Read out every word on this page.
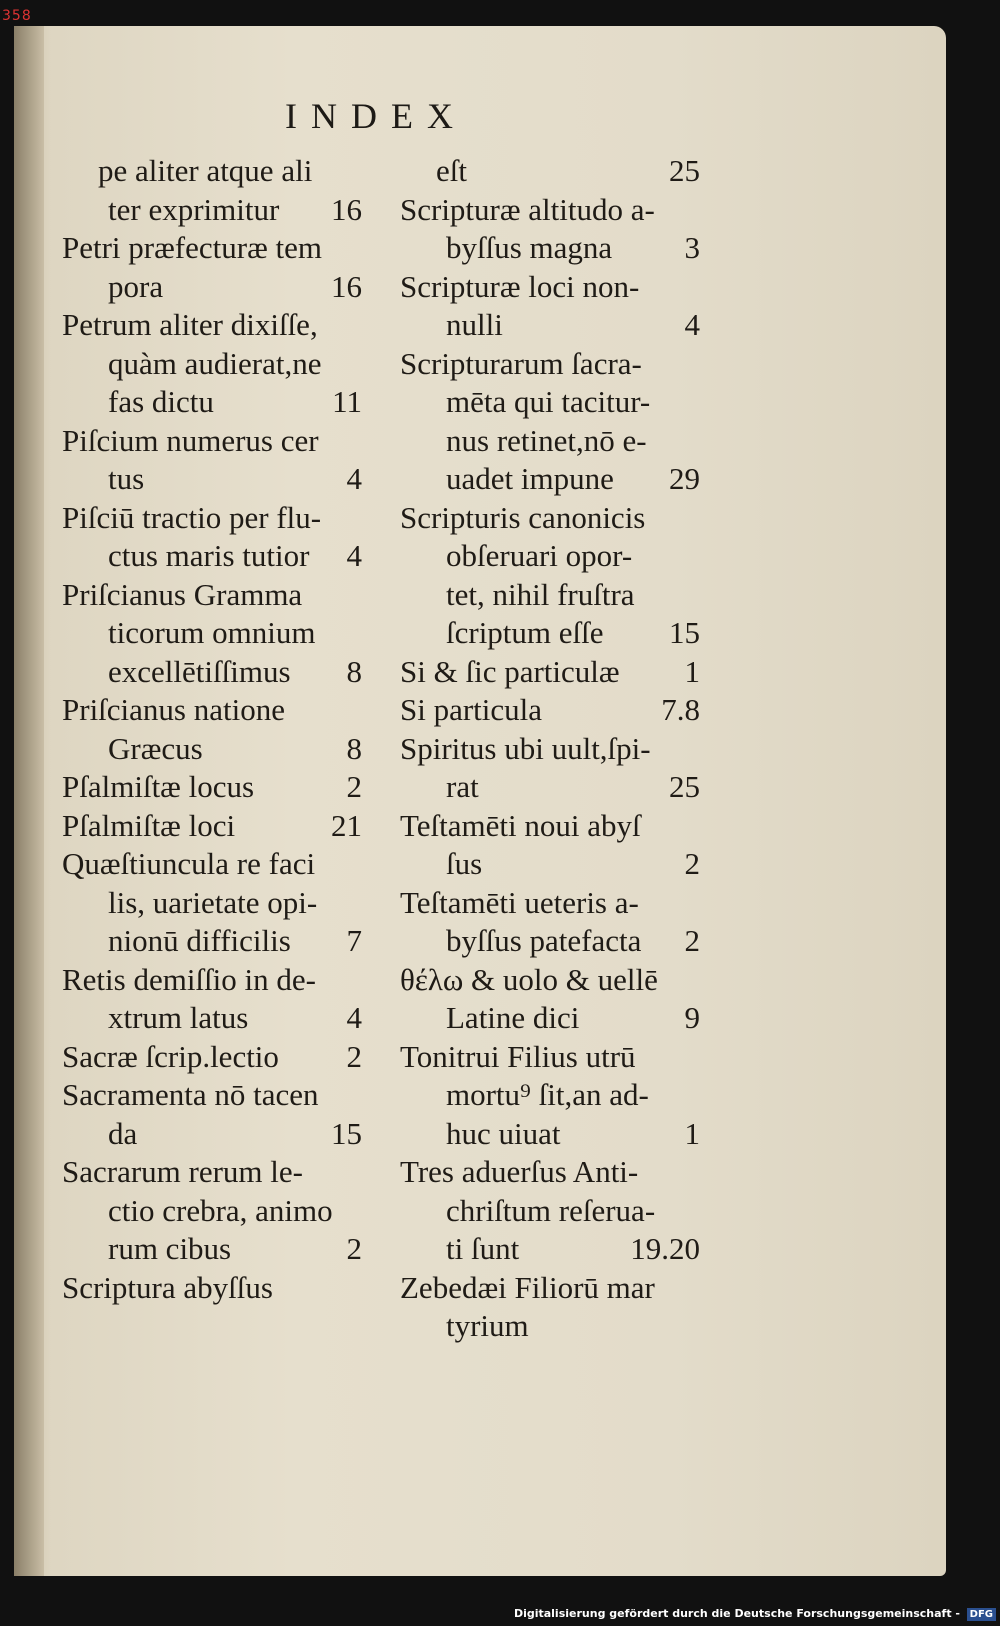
358
INDEX
pe aliter atque ali
ter exprimitur	16
Petri præfecturæ tem
pora	16
Petrum aliter dixiſſe,
quàm audierat,ne
fas dictu	11
Piſcium numerus cer
tus	4
Piſciū tractio per flu-
ctus maris tutior	4
Priſcianus Gramma
ticorum omnium
excellētiſſimus	8
Priſcianus natione
Græcus	8
Pſalmiſtæ locus	2
Pſalmiſtæ loci	21
Quæſtiuncula re faci
lis, uarietate opi-
nionū difficilis	7
Retis demiſſio in de-
xtrum latus	4
Sacræ ſcrip.lectio	2
Sacramenta nō tacen
da	15
Sacrarum rerum le-
ctio crebra, animo
rum cibus	2
Scriptura abyſſus
eſt	25
Scripturæ altitudo a-
byſſus magna	3
Scripturæ loci non-
nulli	4
Scripturarum ſacra-
mēta qui tacitur-
nus retinet,nō e-
uadet impune	29
Scripturis canonicis
obſeruari opor-
tet, nihil fruſtra
ſcriptum eſſe	15
Si & ſic particulæ	1
Si particula	7.8
Spiritus ubi uult,ſpi-
rat	25
Teſtamēti noui abyſ
ſus	2
Teſtamēti ueteris a-
byſſus patefacta	2
θέλω & uolo & uellē
Latine dici	9
Tonitrui Filius utrū
mortu⁹ ſit,an ad-
huc uiuat	1
Tres aduerſus Anti-
chriſtum reſerua-
ti ſunt	19.20
Zebedæi Filiorū mar
tyrium
Digitalisierung gefördert durch die Deutsche Forschungsgemeinschaft - DFG
